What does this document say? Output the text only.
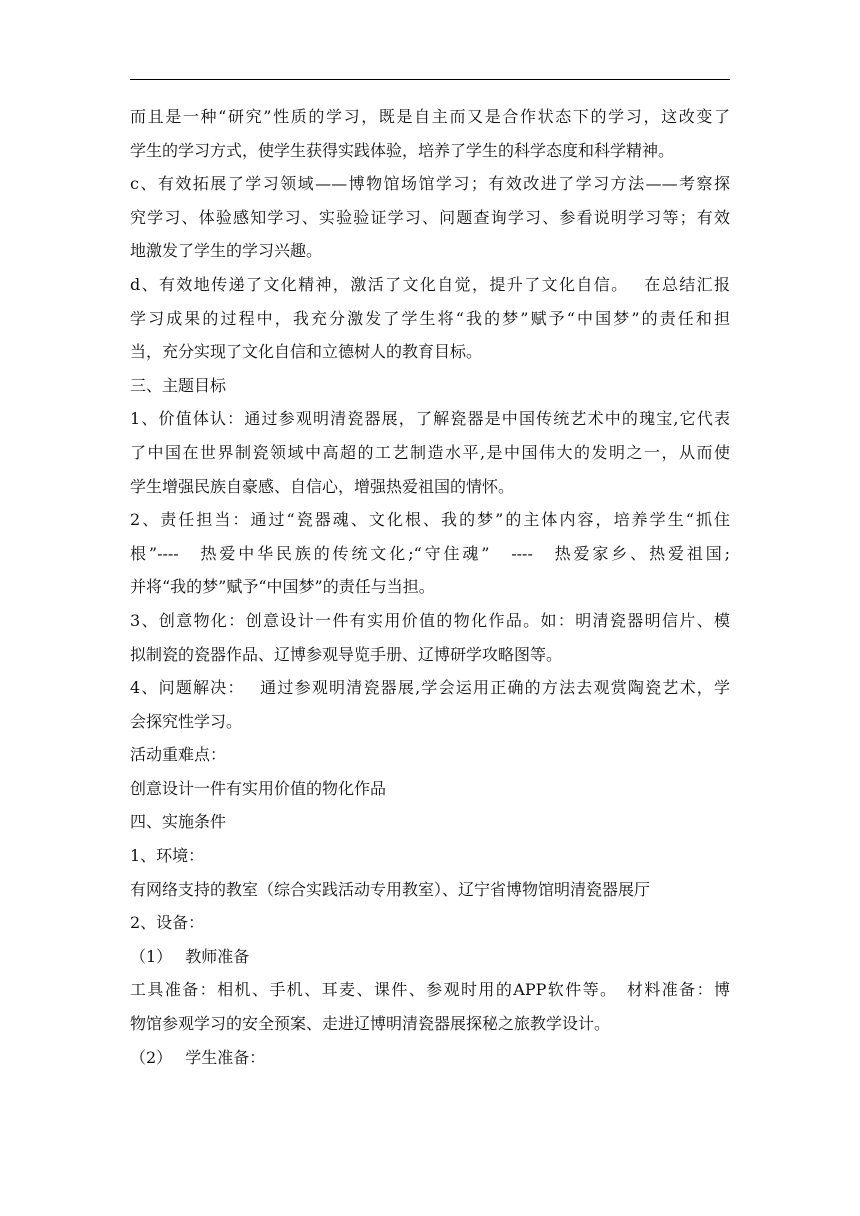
而且是一种“研究”性质的学习，既是自主而又是合作状态下的学习，这改变了
学生的学习方式，使学生获得实践体验，培养了学生的科学态度和科学精神。
c、有效拓展了学习领域——博物馆场馆学习；有效改进了学习方法——考察探
究学习、体验感知学习、实验验证学习、问题查询学习、参看说明学习等；有效
地激发了学生的学习兴趣。
d、有效地传递了文化精神，激活了文化自觉，提升了文化自信。　 在总结汇报
学习成果的过程中，我充分激发了学生将“我的梦”赋予“中国梦”的责任和担
当，充分实现了文化自信和立德树人的教育目标。
三、主题目标
1、价值体认：通过参观明清瓷器展，了解瓷器是中国传统艺术中的瑰宝,它代表
了中国在世界制瓷领域中高超的工艺制造水平,是中国伟大的发明之一，从而使
学生增强民族自豪感、自信心，增强热爱祖国的情怀。
2、责任担当：通过“瓷器魂、文化根、我的梦”的主体内容，培养学生“抓住
根”----　热爱中华民族的传统文化;“守住魂”　----　热爱家乡、热爱祖国;
并将“我的梦”赋予“中国梦”的责任与当担。
3、创意物化：创意设计一件有实用价值的物化作品。如：明清瓷器明信片、模
拟制瓷的瓷器作品、辽博参观导览手册、辽博研学攻略图等。
4、问题解决：　 通过参观明清瓷器展,学会运用正确的方法去观赏陶瓷艺术，学
会探究性学习。
活动重难点：
创意设计一件有实用价值的物化作品
四、实施条件
1、环境：
有网络支持的教室（综合实践活动专用教室）、辽宁省博物馆明清瓷器展厅
2、设备：
（1）　 教师准备
工具准备：相机、手机、耳麦、课件、参观时用的APP软件等。　材料准备：博
物馆参观学习的安全预案、走进辽博明清瓷器展探秘之旅教学设计。
（2）　 学生准备：
